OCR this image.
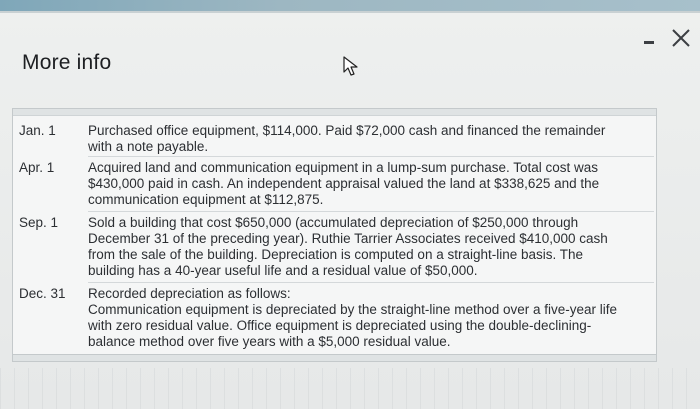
More info
Jan. 1	Purchased office equipment, $114,000. Paid $72,000 cash and financed the remainder
with a note payable.
Apr. 1	Acquired land and communication equipment in a lump-sum purchase. Total cost was
$430,000 paid in cash. An independent appraisal valued the land at $338,625 and the
communication equipment at $112,875.
Sep. 1	Sold a building that cost $650,000 (accumulated depreciation of $250,000 through
December 31 of the preceding year). Ruthie Tarrier Associates received $410,000 cash
from the sale of the building. Depreciation is computed on a straight-line basis. The
building has a 40-year useful life and a residual value of $50,000.
Dec. 31	Recorded depreciation as follows:
Communication equipment is depreciated by the straight-line method over a five-year life
with zero residual value. Office equipment is depreciated using the double-declining-
balance method over five years with a $5,000 residual value.
